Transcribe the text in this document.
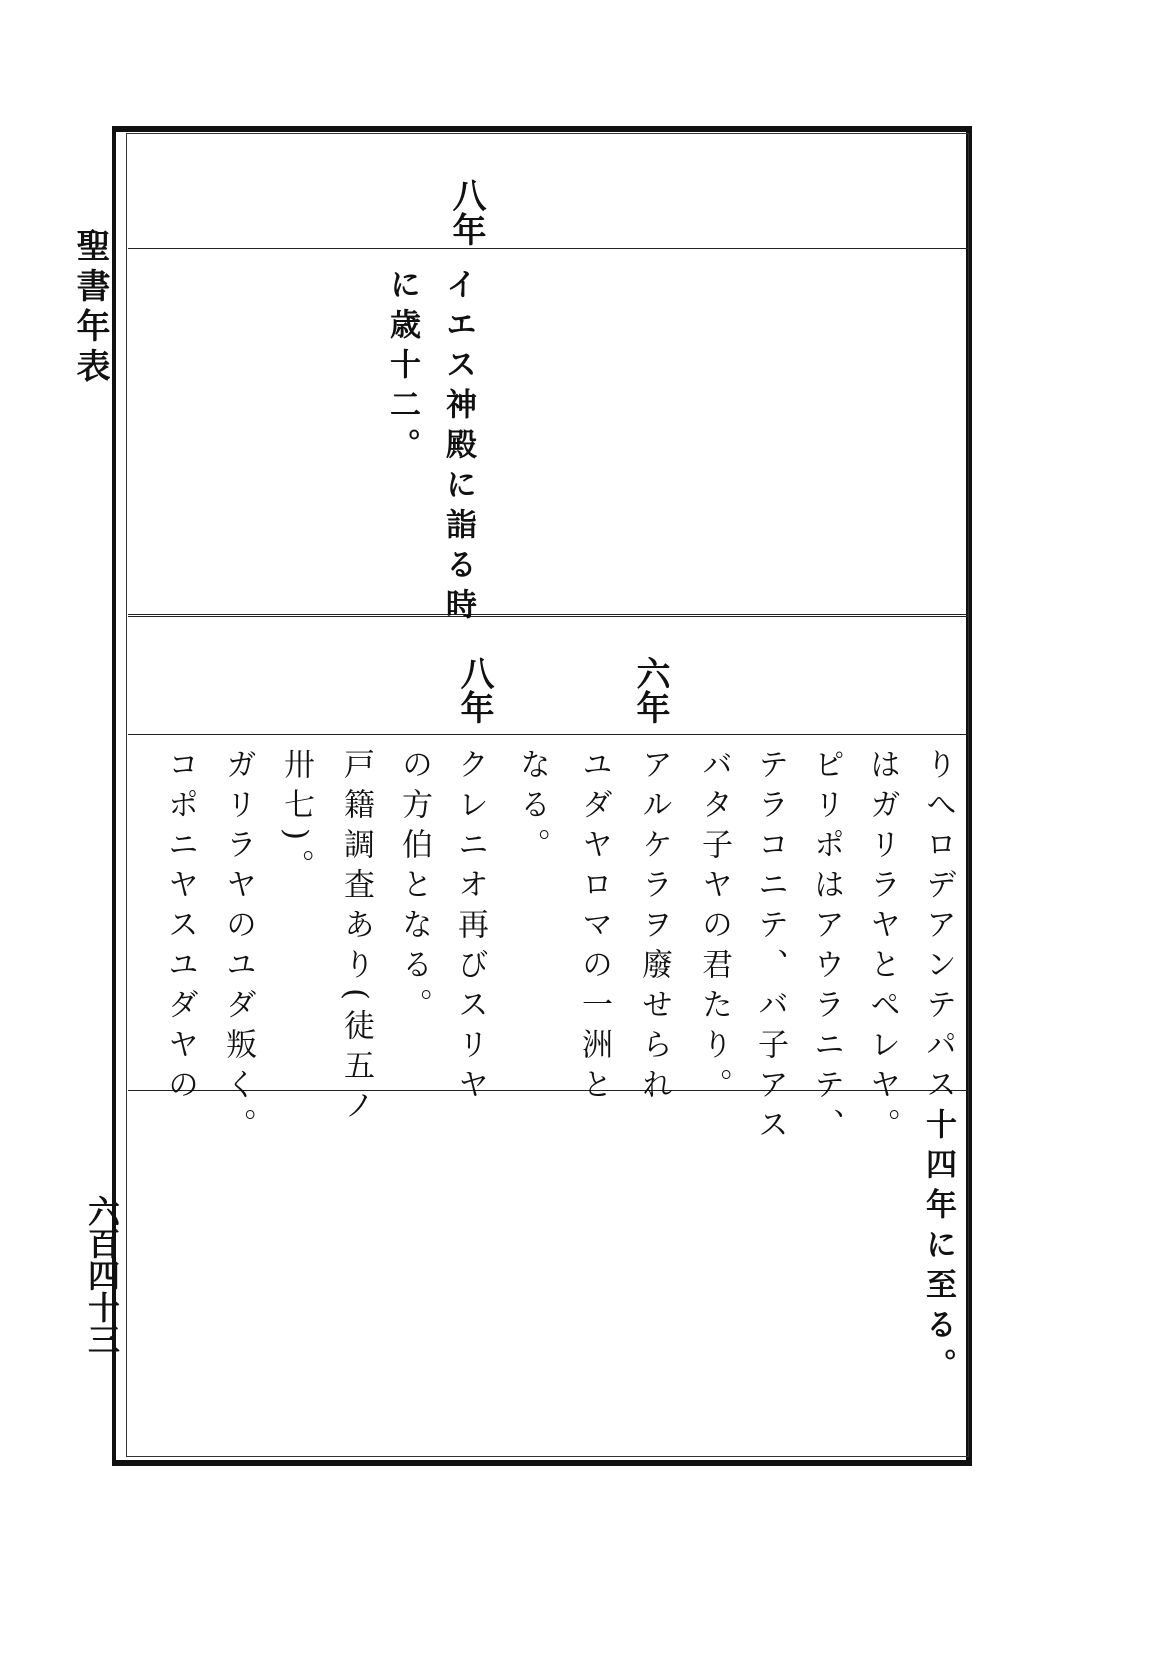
聖書年表
六百四十三
八年
イエス神殿に詣る時
に歳十二。
六年
八年
りへロデアンテパス
はガリラヤとペレヤ。
ピリポはアウラニテ、
テラコニテ、バ子アス
バタ子ヤの君たり。
アルケラヲ廢せられ
ユダヤロマの一洲と
なる。
クレニオ再びスリヤ
の方伯となる。
戸籍調査あり(徒五ノ
卅七)。
ガリラヤのユダ叛く。
コポニヤスユダヤの
十四年に至る。
